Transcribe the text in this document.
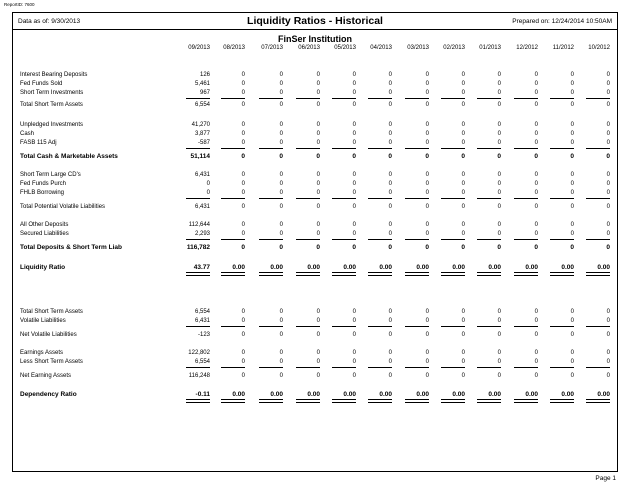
ReportID: 7600
Data as of: 9/30/2013	Liquidity Ratios - Historical	Prepared on: 12/24/2014 10:50AM
FinSer Institution
09/2013	08/2013	07/2013	06/2013	05/2013	04/2013	03/2013	02/2013	01/2013	12/2012	11/2012	10/2012
Interest Bearing Deposits	126	0	0	0	0	0	0	0	0	0	0	0
Fed Funds Sold	5,461	0	0	0	0	0	0	0	0	0	0	0
Short Term Investments	967	0	0	0	0	0	0	0	0	0	0	0
Total Short Term Assets	6,554	0	0	0	0	0	0	0	0	0	0	0
Unpledged Investments	41,270	0	0	0	0	0	0	0	0	0	0	0
Cash	3,877	0	0	0	0	0	0	0	0	0	0	0
FASB 115 Adj	-587	0	0	0	0	0	0	0	0	0	0	0
Total Cash & Marketable Assets	51,114	0	0	0	0	0	0	0	0	0	0	0
Short Term Large CD's	6,431	0	0	0	0	0	0	0	0	0	0	0
Fed Funds Purch	0	0	0	0	0	0	0	0	0	0	0	0
FHLB Borrowing	0	0	0	0	0	0	0	0	0	0	0	0
Total Potential Volatile Liabilities	6,431	0	0	0	0	0	0	0	0	0	0	0
All Other Deposits	112,644	0	0	0	0	0	0	0	0	0	0	0
Secured Liabilities	2,293	0	0	0	0	0	0	0	0	0	0	0
Total Deposits & Short Term Liab	116,782	0	0	0	0	0	0	0	0	0	0	0
Liquidity Ratio	43.77	0.00	0.00	0.00	0.00	0.00	0.00	0.00	0.00	0.00	0.00	0.00
Total Short Term Assets	6,554	0	0	0	0	0	0	0	0	0	0	0
Volatile Liabilities	6,431	0	0	0	0	0	0	0	0	0	0	0
Net Volatile Liabilities	-123	0	0	0	0	0	0	0	0	0	0	0
Earnings Assets	122,802	0	0	0	0	0	0	0	0	0	0	0
Less Short Term Assets	6,554	0	0	0	0	0	0	0	0	0	0	0
Net Earning Assets	116,248	0	0	0	0	0	0	0	0	0	0	0
Dependency Ratio	-0.11	0.00	0.00	0.00	0.00	0.00	0.00	0.00	0.00	0.00	0.00	0.00
Page 1
